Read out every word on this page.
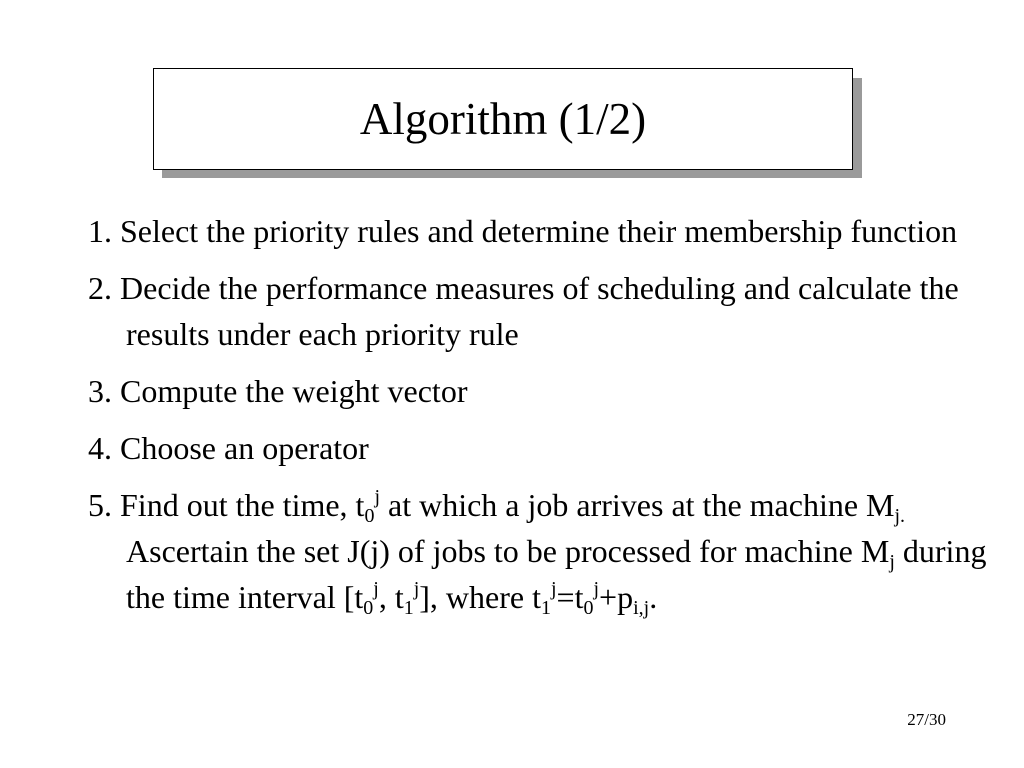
Algorithm (1/2)
1. Select the priority rules and determine their membership function
2. Decide the performance measures of scheduling and calculate the results under each priority rule
3. Compute the weight vector
4. Choose an operator
5. Find out the time, $t_0^j$ at which a job arrives at the machine $M_{j.}$ Ascertain the set J(j) of jobs to be processed for machine $M_j$ during the time interval [$t_0^j$, $t_1^j$], where $t_1^j=t_0^j+p_{i,j}$.
27/30
